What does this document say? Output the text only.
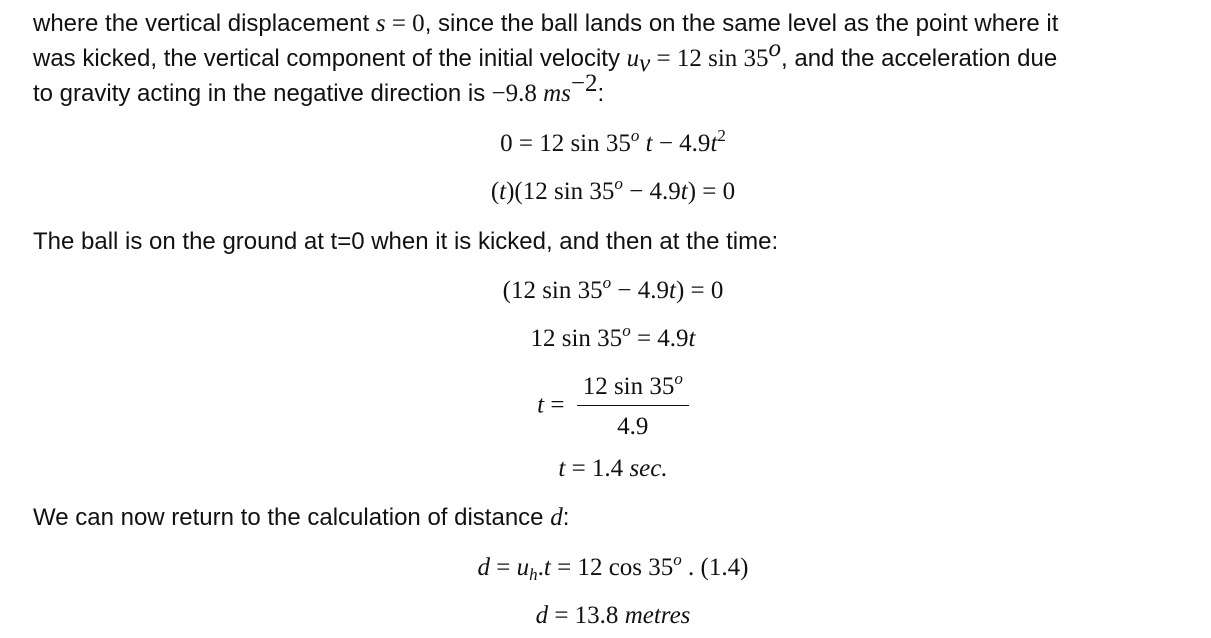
where the vertical displacement s = 0, since the ball lands on the same level as the point where it
was kicked, the vertical component of the initial velocity $u_v = 12$ sin 35$^o$, and the acceleration due
to gravity acting in the negative direction is −9.8 $ms^{-2}$:
0 = 12 sin 35$^o$ $t - 4.9t^2$
(t)(12 $\sin 35^o - 4.9t) = 0$
The ball is on the ground at t=0 when it is kicked, and then at the time:
(12 $\sin 35^o - 4.9t) = 0$
12 $\sin 35^o = 4.9t$
$t = \frac{12 \sin 35^o}{4.9}$
t = 1.4 sec.
We can now return to the calculation of distance d:
$d = u_h.t = 12$ cos 35$^o$ . (1.4)
d = 13.8 metres
